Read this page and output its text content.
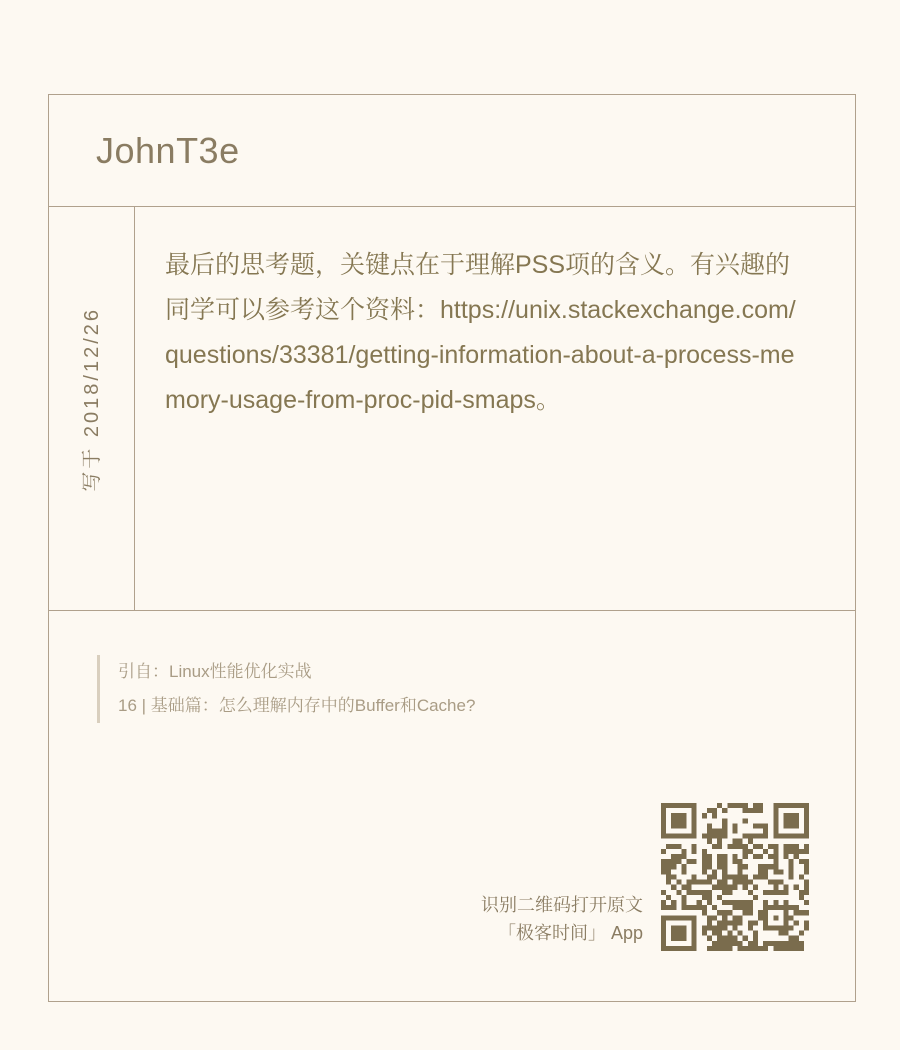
JohnT3e
写于 2018/12/26
最后的思考题，关键点在于理解PSS项的含义。有兴趣的同学可以参考这个资料：https://unix.stackexchange.com/questions/33381/getting-information-about-a-process-memory-usage-from-proc-pid-smaps。
引自：Linux性能优化实战
16 | 基础篇：怎么理解内存中的Buffer和Cache?
识别二维码打开原文
「极客时间」 App
